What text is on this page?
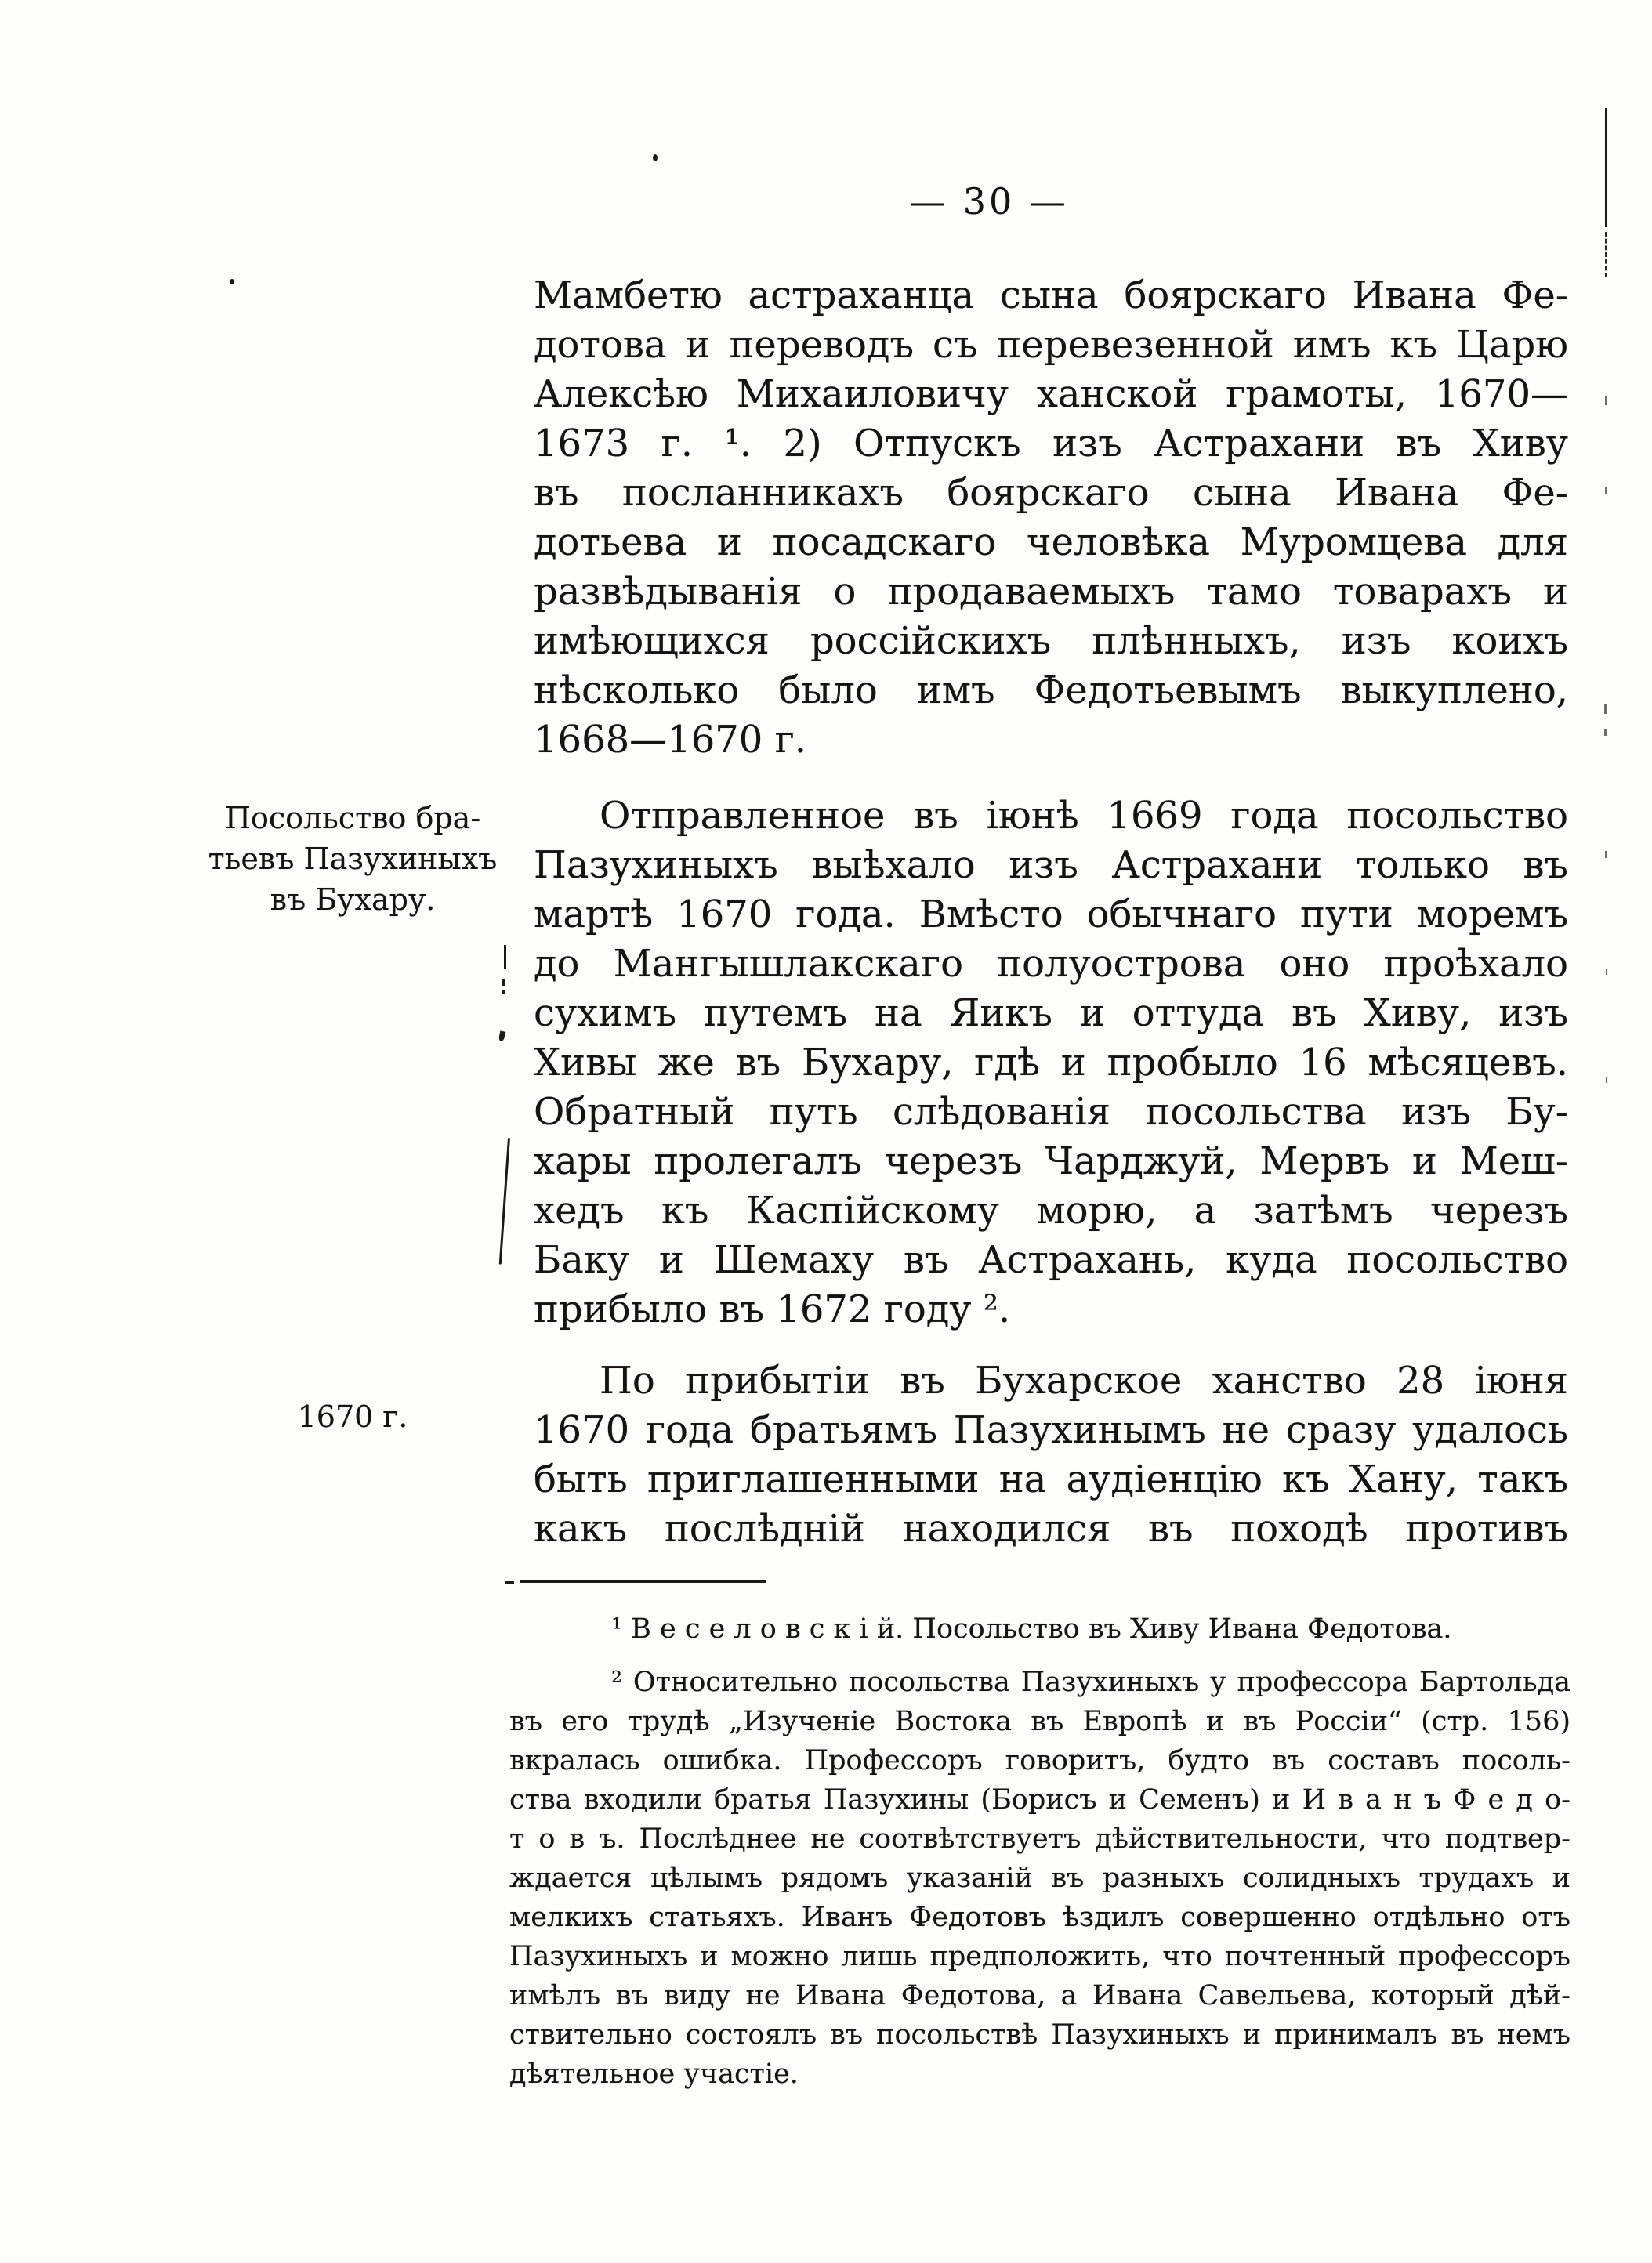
— 30 —
Посольство бра-
тьевъ Пазухиныхъ
въ Бухару.
1670 г.
Мамбетю астраханца сына боярскаго Ивана Фе-
дотова и переводъ съ перевезенной имъ къ Царю
Алексѣю Михаиловичу ханской грамоты, 1670—
1673 г. ¹. 2) Отпускъ изъ Астрахани въ Хиву
въ посланникахъ боярскаго сына Ивана Фе-
дотьева и посадскаго человѣка Муромцева для
развѣдыванія о продаваемыхъ тамо товарахъ и
имѣющихся россійскихъ плѣнныхъ, изъ коихъ
нѣсколько было имъ Федотьевымъ выкуплено,
1668—1670 г.
Отправленное въ іюнѣ 1669 года посольство
Пазухиныхъ выѣхало изъ Астрахани только въ
мартѣ 1670 года. Вмѣсто обычнаго пути моремъ
до Мангышлакскаго полуострова оно проѣхало
сухимъ путемъ на Яикъ и оттуда въ Хиву, изъ
Хивы же въ Бухару, гдѣ и пробыло 16 мѣсяцевъ.
Обратный путь слѣдованія посольства изъ Бу-
хары пролегалъ черезъ Чарджуй, Мервъ и Меш-
хедъ къ Каспійскому морю, а затѣмъ черезъ
Баку и Шемаху въ Астрахань, куда посольство
прибыло въ 1672 году ².
По прибытіи въ Бухарское ханство 28 іюня
1670 года братьямъ Пазухинымъ не сразу удалось
быть приглашенными на аудіенцію къ Хану, такъ
какъ послѣдній находился въ походѣ противъ
¹ В е с е л о в с к і й. Посольство въ Хиву Ивана Федотова.
² Относительно посольства Пазухиныхъ у профессора Бартольда
въ его трудѣ „Изученіе Востока въ Европѣ и въ Россіи“ (стр. 156)
вкралась ошибка. Профессоръ говоритъ, будто въ составъ посоль-
ства входили братья Пазухины (Борисъ и Семенъ) и И в а н ъ Ф е д о-
т о в ъ. Послѣднее не соотвѣтствуетъ дѣйствительности, что подтвер-
ждается цѣлымъ рядомъ указаній въ разныхъ солидныхъ трудахъ и
мелкихъ статьяхъ. Иванъ Федотовъ ѣздилъ совершенно отдѣльно отъ
Пазухиныхъ и можно лишь предположить, что почтенный профессоръ
имѣлъ въ виду не Ивана Федотова, а Ивана Савельева, который дѣй-
ствительно состоялъ въ посольствѣ Пазухиныхъ и принималъ въ немъ
дѣятельное участіе.
